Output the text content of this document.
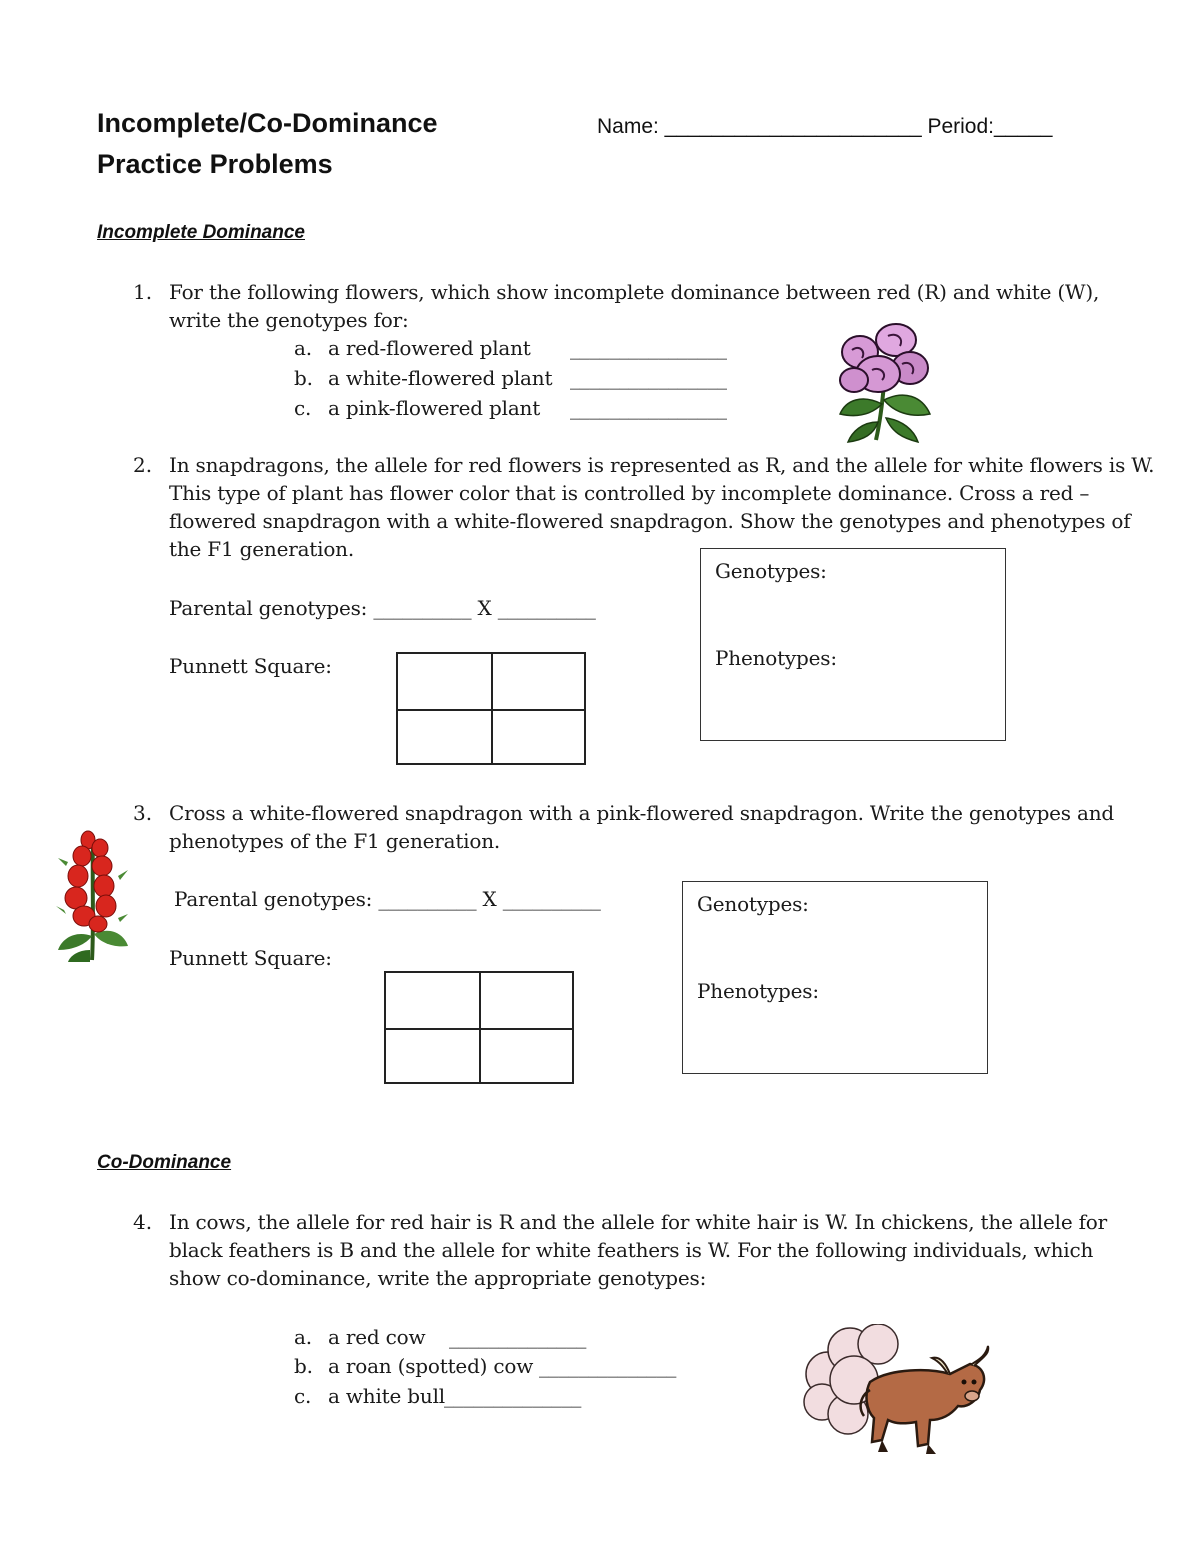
Incomplete/Co-Dominance
Practice Problems
Name: ______________________ Period:_____
Incomplete Dominance
1. For the following flowers, which show incomplete dominance between red (R) and white (W),
write the genotypes for:
a. a red-flowered plant ________________
b. a white-flowered plant ________________
c. a pink-flowered plant ________________
2. In snapdragons, the allele for red flowers is represented as R, and the allele for white flowers is W.
This type of plant has flower color that is controlled by incomplete dominance. Cross a red –
flowered snapdragon with a white-flowered snapdragon. Show the genotypes and phenotypes of
the F1 generation.
Parental genotypes: __________ X __________
Punnett Square:
Genotypes:
Phenotypes:
3. Cross a white-flowered snapdragon with a pink-flowered snapdragon. Write the genotypes and
phenotypes of the F1 generation.
Parental genotypes: __________ X __________
Punnett Square:
Genotypes:
Phenotypes:
Co-Dominance
4. In cows, the allele for red hair is R and the allele for white hair is W. In chickens, the allele for
black feathers is B and the allele for white feathers is W. For the following individuals, which
show co-dominance, write the appropriate genotypes:
a. a red cow ______________
b. a roan (spotted) cow ______________
c. a white bull ______________
